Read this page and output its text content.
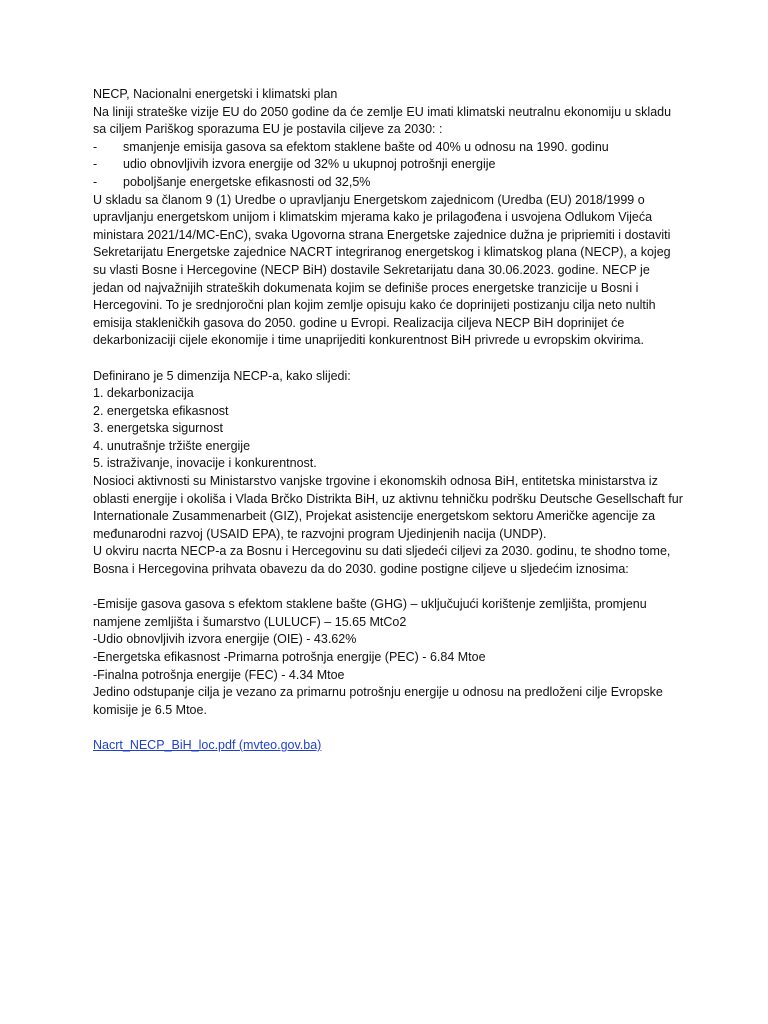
NECP, Nacionalni energetski i klimatski plan
Na liniji strateške vizije EU do 2050 godine da će zemlje EU imati klimatski neutralnu ekonomiju u skladu sa ciljem Pariškog sporazuma EU je postavila ciljeve za 2030: :
-	smanjenje emisija gasova sa efektom staklene bašte od 40% u odnosu na 1990. godinu
-	udio obnovljivih izvora energije od 32% u ukupnoj potrošnji energije
-	poboljšanje energetske efikasnosti od 32,5%
U skladu sa članom 9 (1) Uredbe o upravljanju Energetskom zajednicom (Uredba (EU) 2018/1999 o upravljanju energetskom unijom i klimatskim mjerama kako je prilagođena i usvojena Odlukom Vijeća ministara 2021/14/MC-EnC), svaka Ugovorna strana Energetske zajednice dužna je pripriemiti i dostaviti Sekretarijatu Energetske zajednice NACRT integriranog energetskog i klimatskog plana (NECP), a kojeg su vlasti Bosne i Hercegovine (NECP BiH) dostavile Sekretarijatu dana 30.06.2023. godine. NECP je jedan od najvažnijih strateških dokumenata kojim se definiše proces energetske tranzicije u Bosni i Hercegovini. To je srednjoročni plan kojim zemlje opisuju kako će doprinijeti postizanju cilja neto nultih emisija stakleničkih gasova do 2050. godine u Evropi. Realizacija ciljeva NECP BiH doprinijet će dekarbonizaciji cijele ekonomije i time unaprijediti konkurentnost BiH privrede u evropskim okvirima.
Definirano je 5 dimenzija NECP-a, kako slijedi:
1. dekarbonizacija
2. energetska efikasnost
3. energetska sigurnost
4. unutrašnje tržište energije
5. istraživanje, inovacije i konkurentnost.
Nosioci aktivnosti su Ministarstvo vanjske trgovine i ekonomskih odnosa BiH, entitetska ministarstva iz oblasti energije i okoliša i Vlada Brčko Distrikta BiH, uz aktivnu tehničku podršku Deutsche Gesellschaft fur Internationale Zusammenarbeit (GIZ), Projekat asistencije energetskom sektoru Američke agencije za međunarodni razvoj (USAID EPA), te razvojni program Ujedinjenih nacija (UNDP).
U okviru nacrta NECP-a za Bosnu i Hercegovinu su dati sljedeći ciljevi za 2030. godinu, te shodno tome, Bosna i Hercegovina prihvata obavezu da do 2030. godine postigne ciljeve u sljedećim iznosima:
-Emisije gasova gasova s efektom staklene bašte (GHG) – uključujući korištenje zemljišta, promjenu namjene zemljišta i šumarstvo (LULUCF) – 15.65 MtCo2
-Udio obnovljivih izvora energije (OIE) - 43.62%
-Energetska efikasnost -Primarna potrošnja energije (PEC) - 6.84 Mtoe
-Finalna potrošnja energije (FEC) - 4.34 Mtoe
Jedino odstupanje cilja je vezano za primarnu potrošnju energije u odnosu na predloženi cilje Evropske komisije je 6.5 Mtoe.
Nacrt_NECP_BiH_loc.pdf (mvteo.gov.ba)
